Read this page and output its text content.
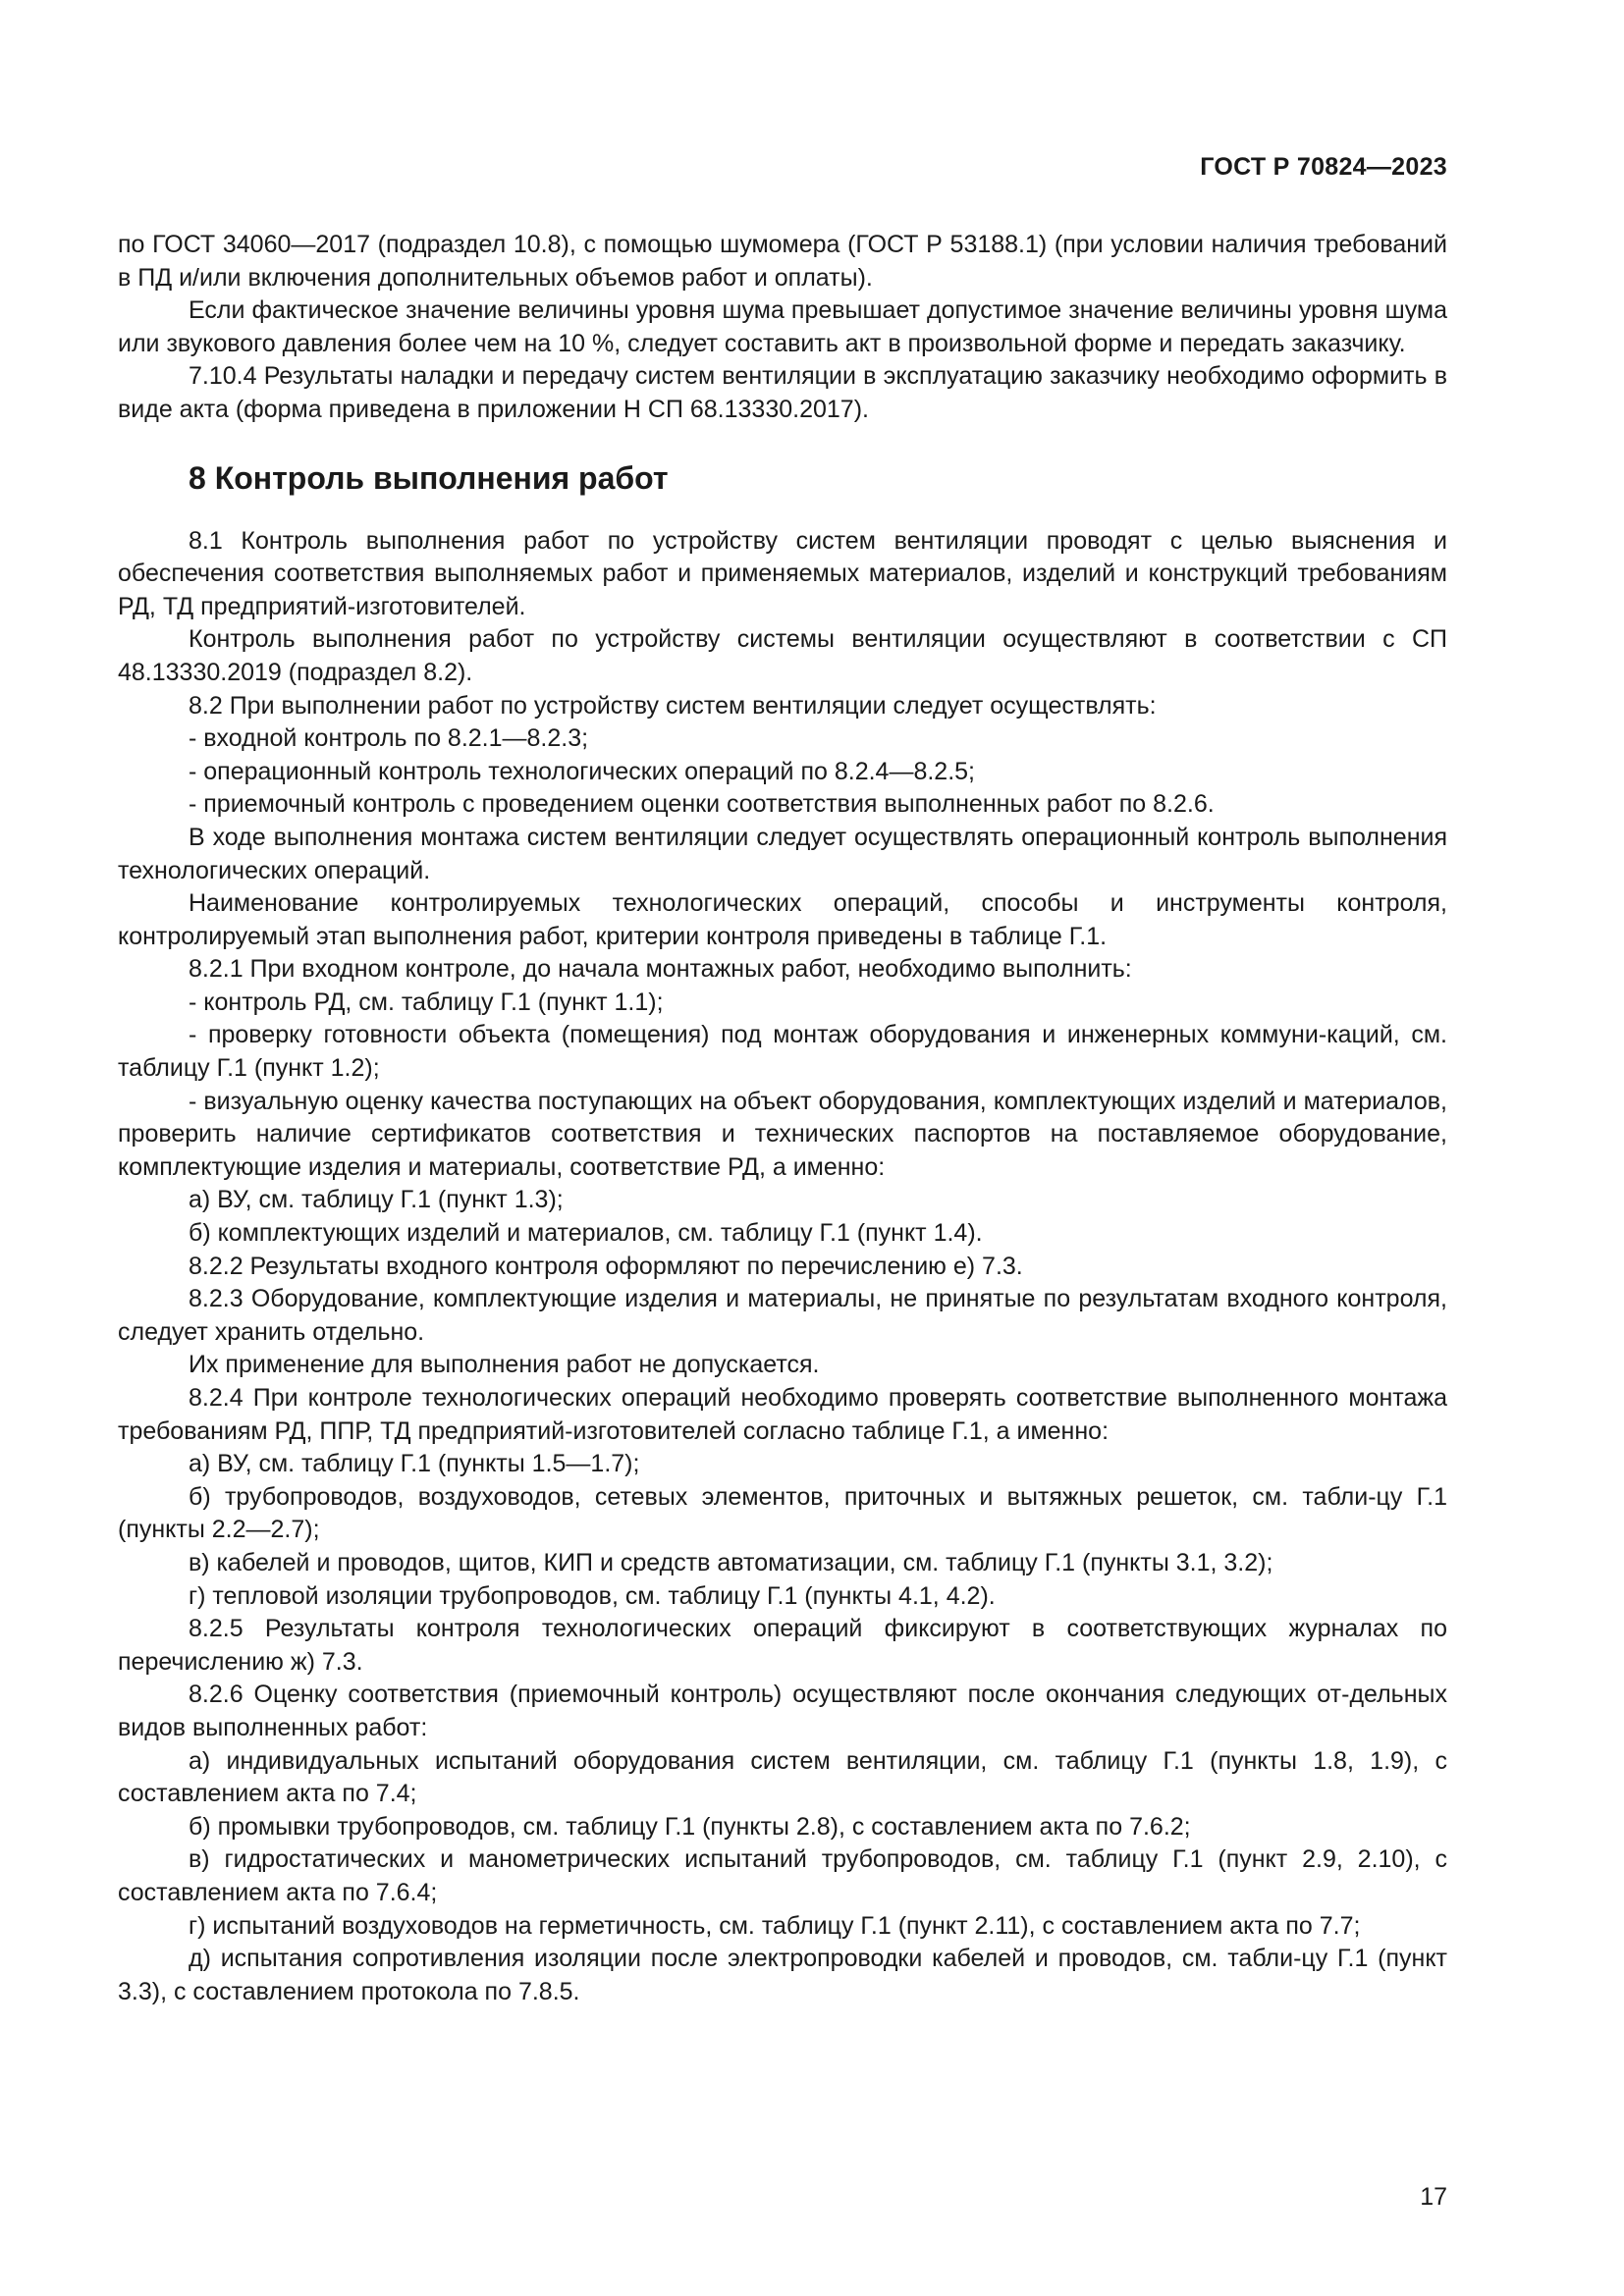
ГОСТ Р 70824—2023

по ГОСТ 34060—2017 (подраздел 10.8), с помощью шумомера (ГОСТ Р 53188.1) (при условии наличия требований в ПД и/или включения дополнительных объемов работ и оплаты).

Если фактическое значение величины уровня шума превышает допустимое значение величины уровня шума или звукового давления более чем на 10 %, следует составить акт в произвольной форме и передать заказчику.

7.10.4 Результаты наладки и передачу систем вентиляции в эксплуатацию заказчику необходимо оформить в виде акта (форма приведена в приложении Н СП 68.13330.2017).

8 Контроль выполнения работ

8.1 Контроль выполнения работ по устройству систем вентиляции проводят с целью выяснения и обеспечения соответствия выполняемых работ и применяемых материалов, изделий и конструкций требованиям РД, ТД предприятий-изготовителей.

Контроль выполнения работ по устройству системы вентиляции осуществляют в соответствии с СП 48.13330.2019 (подраздел 8.2).

8.2 При выполнении работ по устройству систем вентиляции следует осуществлять:

- входной контроль по 8.2.1—8.2.3;

- операционный контроль технологических операций по 8.2.4—8.2.5;

- приемочный контроль с проведением оценки соответствия выполненных работ по 8.2.6.

В ходе выполнения монтажа систем вентиляции следует осуществлять операционный контроль выполнения технологических операций.

Наименование контролируемых технологических операций, способы и инструменты контроля, контролируемый этап выполнения работ, критерии контроля приведены в таблице Г.1.

8.2.1 При входном контроле, до начала монтажных работ, необходимо выполнить:

- контроль РД, см. таблицу Г.1 (пункт 1.1);

- проверку готовности объекта (помещения) под монтаж оборудования и инженерных коммуни-каций, см. таблицу Г.1 (пункт 1.2);

- визуальную оценку качества поступающих на объект оборудования, комплектующих изделий и материалов, проверить наличие сертификатов соответствия и технических паспортов на поставляемое оборудование, комплектующие изделия и материалы, соответствие РД, а именно:

а) ВУ, см. таблицу Г.1 (пункт 1.3);

б) комплектующих изделий и материалов, см. таблицу Г.1 (пункт 1.4).

8.2.2 Результаты входного контроля оформляют по перечислению е) 7.3.

8.2.3 Оборудование, комплектующие изделия и материалы, не принятые по результатам входного контроля, следует хранить отдельно.

Их применение для выполнения работ не допускается.

8.2.4 При контроле технологических операций необходимо проверять соответствие выполненного монтажа требованиям РД, ППР, ТД предприятий-изготовителей согласно таблице Г.1, а именно:

а) ВУ, см. таблицу Г.1 (пункты 1.5—1.7);

б) трубопроводов, воздуховодов, сетевых элементов, приточных и вытяжных решеток, см. табли-цу Г.1 (пункты 2.2—2.7);

в) кабелей и проводов, щитов, КИП и средств автоматизации, см. таблицу Г.1 (пункты 3.1, 3.2);

г) тепловой изоляции трубопроводов, см. таблицу Г.1 (пункты 4.1, 4.2).

8.2.5 Результаты контроля технологических операций фиксируют в соответствующих журналах по перечислению ж) 7.3.

8.2.6 Оценку соответствия (приемочный контроль) осуществляют после окончания следующих от-дельных видов выполненных работ:

а) индивидуальных испытаний оборудования систем вентиляции, см. таблицу Г.1 (пункты 1.8, 1.9), с составлением акта по 7.4;

б) промывки трубопроводов, см. таблицу Г.1 (пункты 2.8), с составлением акта по 7.6.2;

в) гидростатических и манометрических испытаний трубопроводов, см. таблицу Г.1 (пункт 2.9, 2.10), с составлением акта по 7.6.4;

г) испытаний воздуховодов на герметичность, см. таблицу Г.1 (пункт 2.11), с составлением акта по 7.7;

д) испытания сопротивления изоляции после электропроводки кабелей и проводов, см. табли-цу Г.1 (пункт 3.3), с составлением протокола по 7.8.5.

17
